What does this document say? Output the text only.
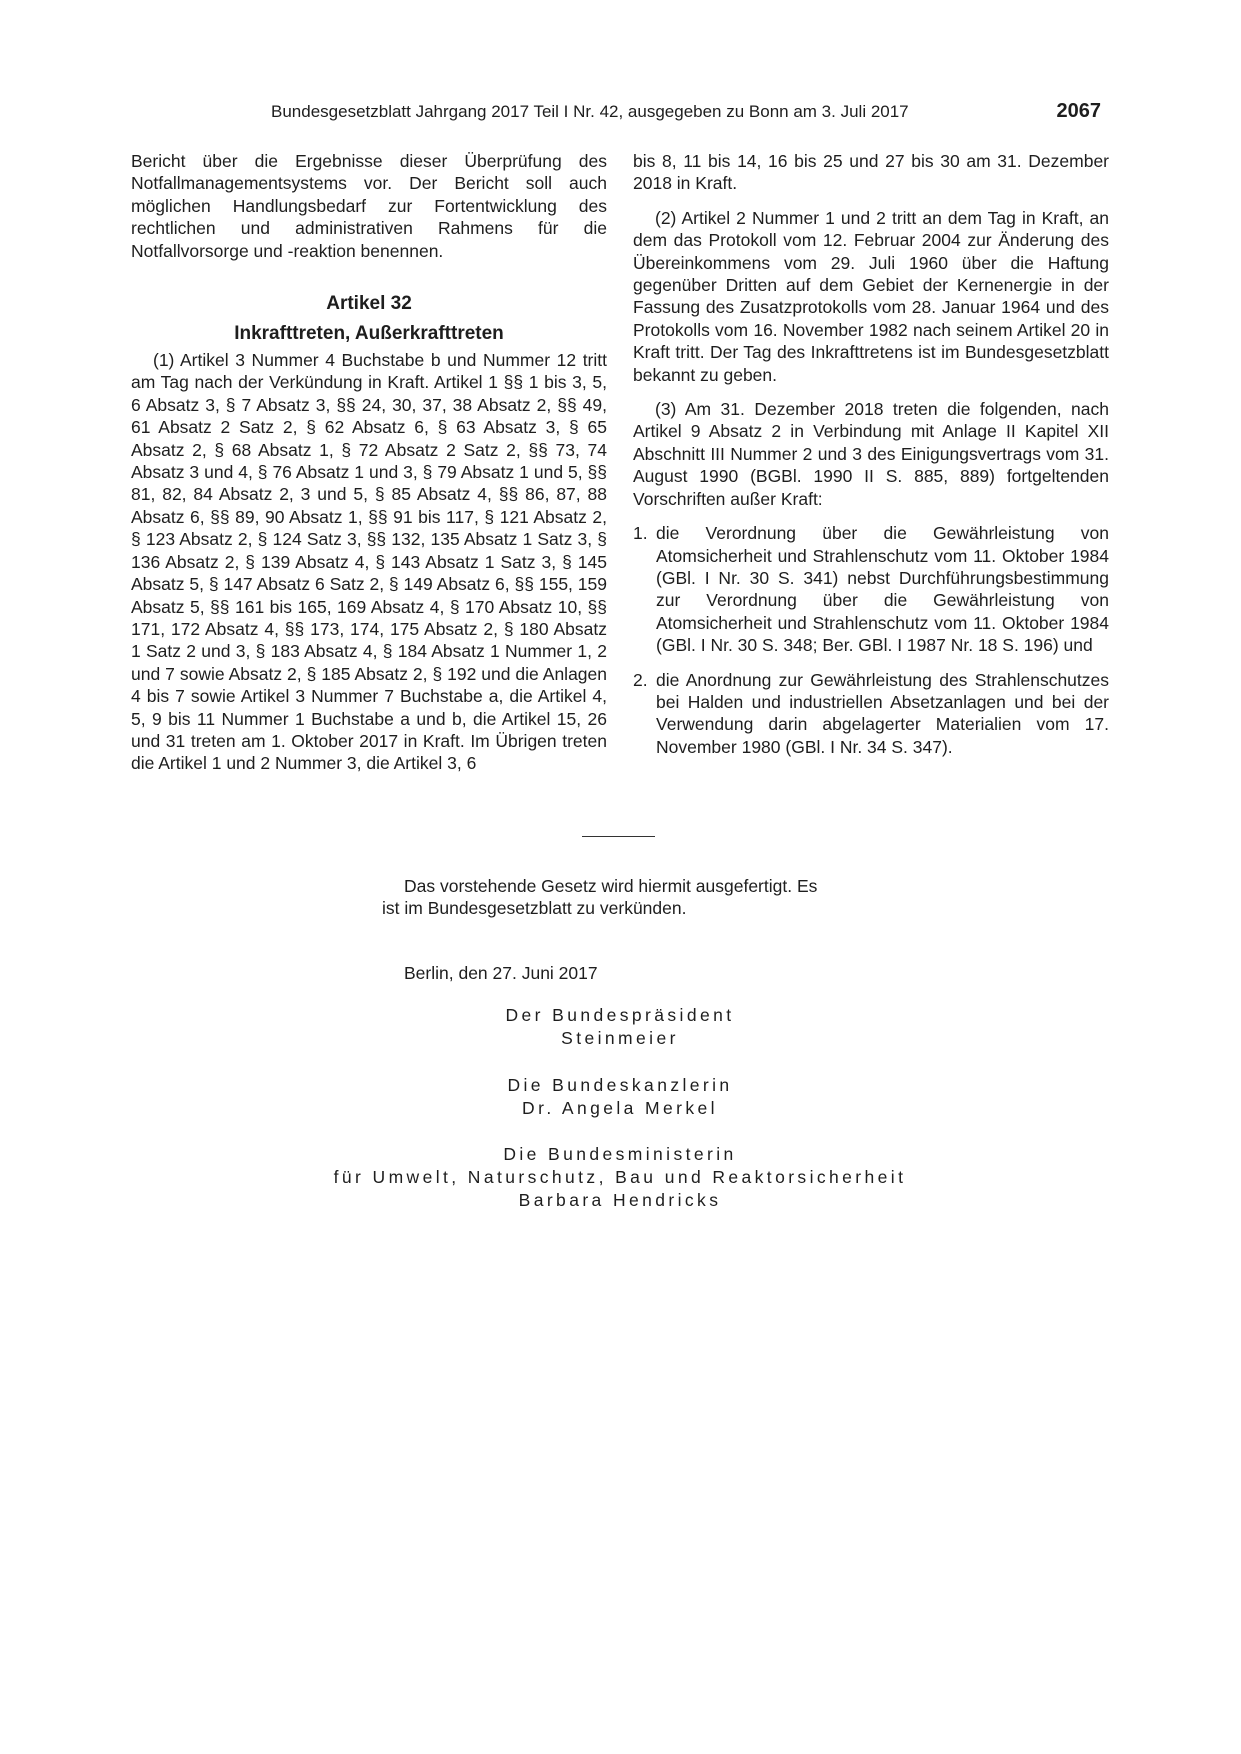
Bundesgesetzblatt Jahrgang 2017 Teil I Nr. 42, ausgegeben zu Bonn am 3. Juli 2017	2067

Bericht über die Ergebnisse dieser Überprüfung des Notfallmanagementsystems vor. Der Bericht soll auch möglichen Handlungsbedarf zur Fortentwicklung des rechtlichen und administrativen Rahmens für die Notfallvorsorge und -reaktion benennen.

Artikel 32
Inkrafttreten, Außerkrafttreten

(1) Artikel 3 Nummer 4 Buchstabe b und Nummer 12 tritt am Tag nach der Verkündung in Kraft. Artikel 1 §§ 1 bis 3, 5, 6 Absatz 3, § 7 Absatz 3, §§ 24, 30, 37, 38 Absatz 2, §§ 49, 61 Absatz 2 Satz 2, § 62 Absatz 6, § 63 Absatz 3, § 65 Absatz 2, § 68 Absatz 1, § 72 Absatz 2 Satz 2, §§ 73, 74 Absatz 3 und 4, § 76 Absatz 1 und 3, § 79 Absatz 1 und 5, §§ 81, 82, 84 Absatz 2, 3 und 5, § 85 Absatz 4, §§ 86, 87, 88 Absatz 6, §§ 89, 90 Absatz 1, §§ 91 bis 117, § 121 Absatz 2, § 123 Absatz 2, § 124 Satz 3, §§ 132, 135 Absatz 1 Satz 3, § 136 Absatz 2, § 139 Absatz 4, § 143 Absatz 1 Satz 3, § 145 Absatz 5, § 147 Absatz 6 Satz 2, § 149 Absatz 6, §§ 155, 159 Absatz 5, §§ 161 bis 165, 169 Absatz 4, § 170 Absatz 10, §§ 171, 172 Absatz 4, §§ 173, 174, 175 Absatz 2, § 180 Absatz 1 Satz 2 und 3, § 183 Absatz 4, § 184 Absatz 1 Nummer 1, 2 und 7 sowie Absatz 2, § 185 Absatz 2, § 192 und die Anlagen 4 bis 7 sowie Artikel 3 Nummer 7 Buchstabe a, die Artikel 4, 5, 9 bis 11 Nummer 1 Buchstabe a und b, die Artikel 15, 26 und 31 treten am 1. Oktober 2017 in Kraft. Im Übrigen treten die Artikel 1 und 2 Nummer 3, die Artikel 3, 6

bis 8, 11 bis 14, 16 bis 25 und 27 bis 30 am 31. Dezember 2018 in Kraft.

(2) Artikel 2 Nummer 1 und 2 tritt an dem Tag in Kraft, an dem das Protokoll vom 12. Februar 2004 zur Änderung des Übereinkommens vom 29. Juli 1960 über die Haftung gegenüber Dritten auf dem Gebiet der Kernenergie in der Fassung des Zusatzprotokolls vom 28. Januar 1964 und des Protokolls vom 16. November 1982 nach seinem Artikel 20 in Kraft tritt. Der Tag des Inkrafttretens ist im Bundesgesetzblatt bekannt zu geben.

(3) Am 31. Dezember 2018 treten die folgenden, nach Artikel 9 Absatz 2 in Verbindung mit Anlage II Kapitel XII Abschnitt III Nummer 2 und 3 des Einigungsvertrags vom 31. August 1990 (BGBl. 1990 II S. 885, 889) fortgeltenden Vorschriften außer Kraft:

1. die Verordnung über die Gewährleistung von Atomsicherheit und Strahlenschutz vom 11. Oktober 1984 (GBl. I Nr. 30 S. 341) nebst Durchführungsbestimmung zur Verordnung über die Gewährleistung von Atomsicherheit und Strahlenschutz vom 11. Oktober 1984 (GBl. I Nr. 30 S. 348; Ber. GBl. I 1987 Nr. 18 S. 196) und

2. die Anordnung zur Gewährleistung des Strahlenschutzes bei Halden und industriellen Absetzanlagen und bei der Verwendung darin abgelagerter Materialien vom 17. November 1980 (GBl. I Nr. 34 S. 347).

Das vorstehende Gesetz wird hiermit ausgefertigt. Es
ist im Bundesgesetzblatt zu verkünden.
Berlin, den 27. Juni 2017
Der Bundespräsident
Steinmeier
Die Bundeskanzlerin
Dr. Angela Merkel
Die Bundesministerin
für Umwelt, Naturschutz, Bau und Reaktorsicherheit
Barbara Hendricks
